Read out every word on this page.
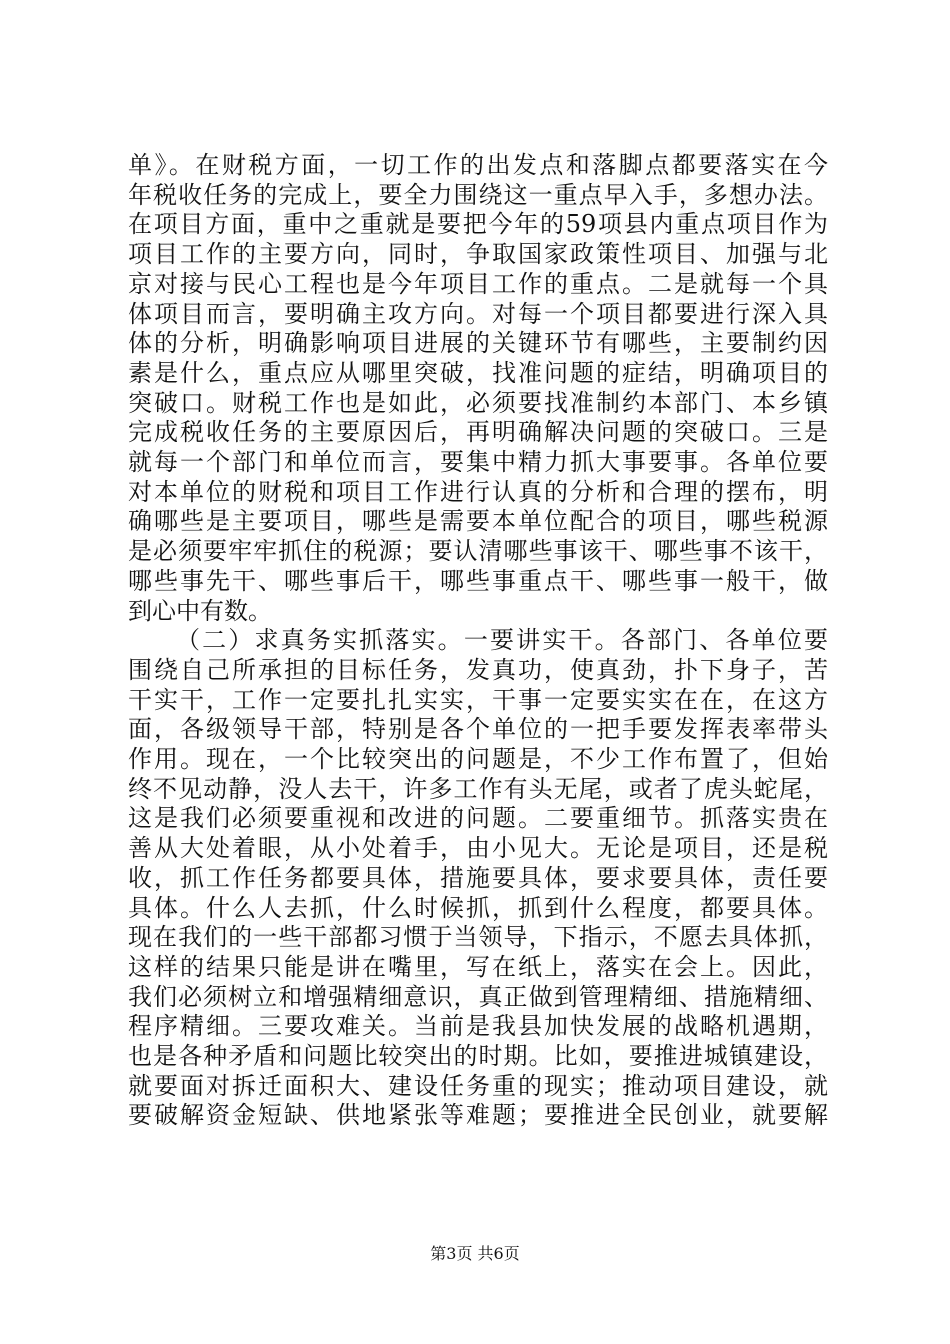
单》。在财税方面，一切工作的出发点和落脚点都要落实在今
年税收任务的完成上，要全力围绕这一重点早入手，多想办法。
在项目方面，重中之重就是要把今年的59项县内重点项目作为
项目工作的主要方向，同时，争取国家政策性项目、加强与北
京对接与民心工程也是今年项目工作的重点。二是就每一个具
体项目而言，要明确主攻方向。对每一个项目都要进行深入具
体的分析，明确影响项目进展的关键环节有哪些，主要制约因
素是什么，重点应从哪里突破，找准问题的症结，明确项目的
突破口。财税工作也是如此，必须要找准制约本部门、本乡镇
完成税收任务的主要原因后，再明确解决问题的突破口。三是
就每一个部门和单位而言，要集中精力抓大事要事。各单位要
对本单位的财税和项目工作进行认真的分析和合理的摆布，明
确哪些是主要项目，哪些是需要本单位配合的项目，哪些税源
是必须要牢牢抓住的税源；要认清哪些事该干、哪些事不该干，
哪些事先干、哪些事后干，哪些事重点干、哪些事一般干，做
到心中有数。
（二）求真务实抓落实。一要讲实干。各部门、各单位要
围绕自己所承担的目标任务，发真功，使真劲，扑下身子，苦
干实干，工作一定要扎扎实实，干事一定要实实在在，在这方
面，各级领导干部，特别是各个单位的一把手要发挥表率带头
作用。现在，一个比较突出的问题是，不少工作布置了，但始
终不见动静，没人去干，许多工作有头无尾，或者了虎头蛇尾，
这是我们必须要重视和改进的问题。二要重细节。抓落实贵在
善从大处着眼，从小处着手，由小见大。无论是项目，还是税
收，抓工作任务都要具体，措施要具体，要求要具体，责任要
具体。什么人去抓，什么时候抓，抓到什么程度，都要具体。
现在我们的一些干部都习惯于当领导，下指示，不愿去具体抓，
这样的结果只能是讲在嘴里，写在纸上，落实在会上。因此，
我们必须树立和增强精细意识，真正做到管理精细、措施精细、
程序精细。三要攻难关。当前是我县加快发展的战略机遇期，
也是各种矛盾和问题比较突出的时期。比如，要推进城镇建设，
就要面对拆迁面积大、建设任务重的现实；推动项目建设，就
要破解资金短缺、供地紧张等难题；要推进全民创业，就要解
第3页 共6页
